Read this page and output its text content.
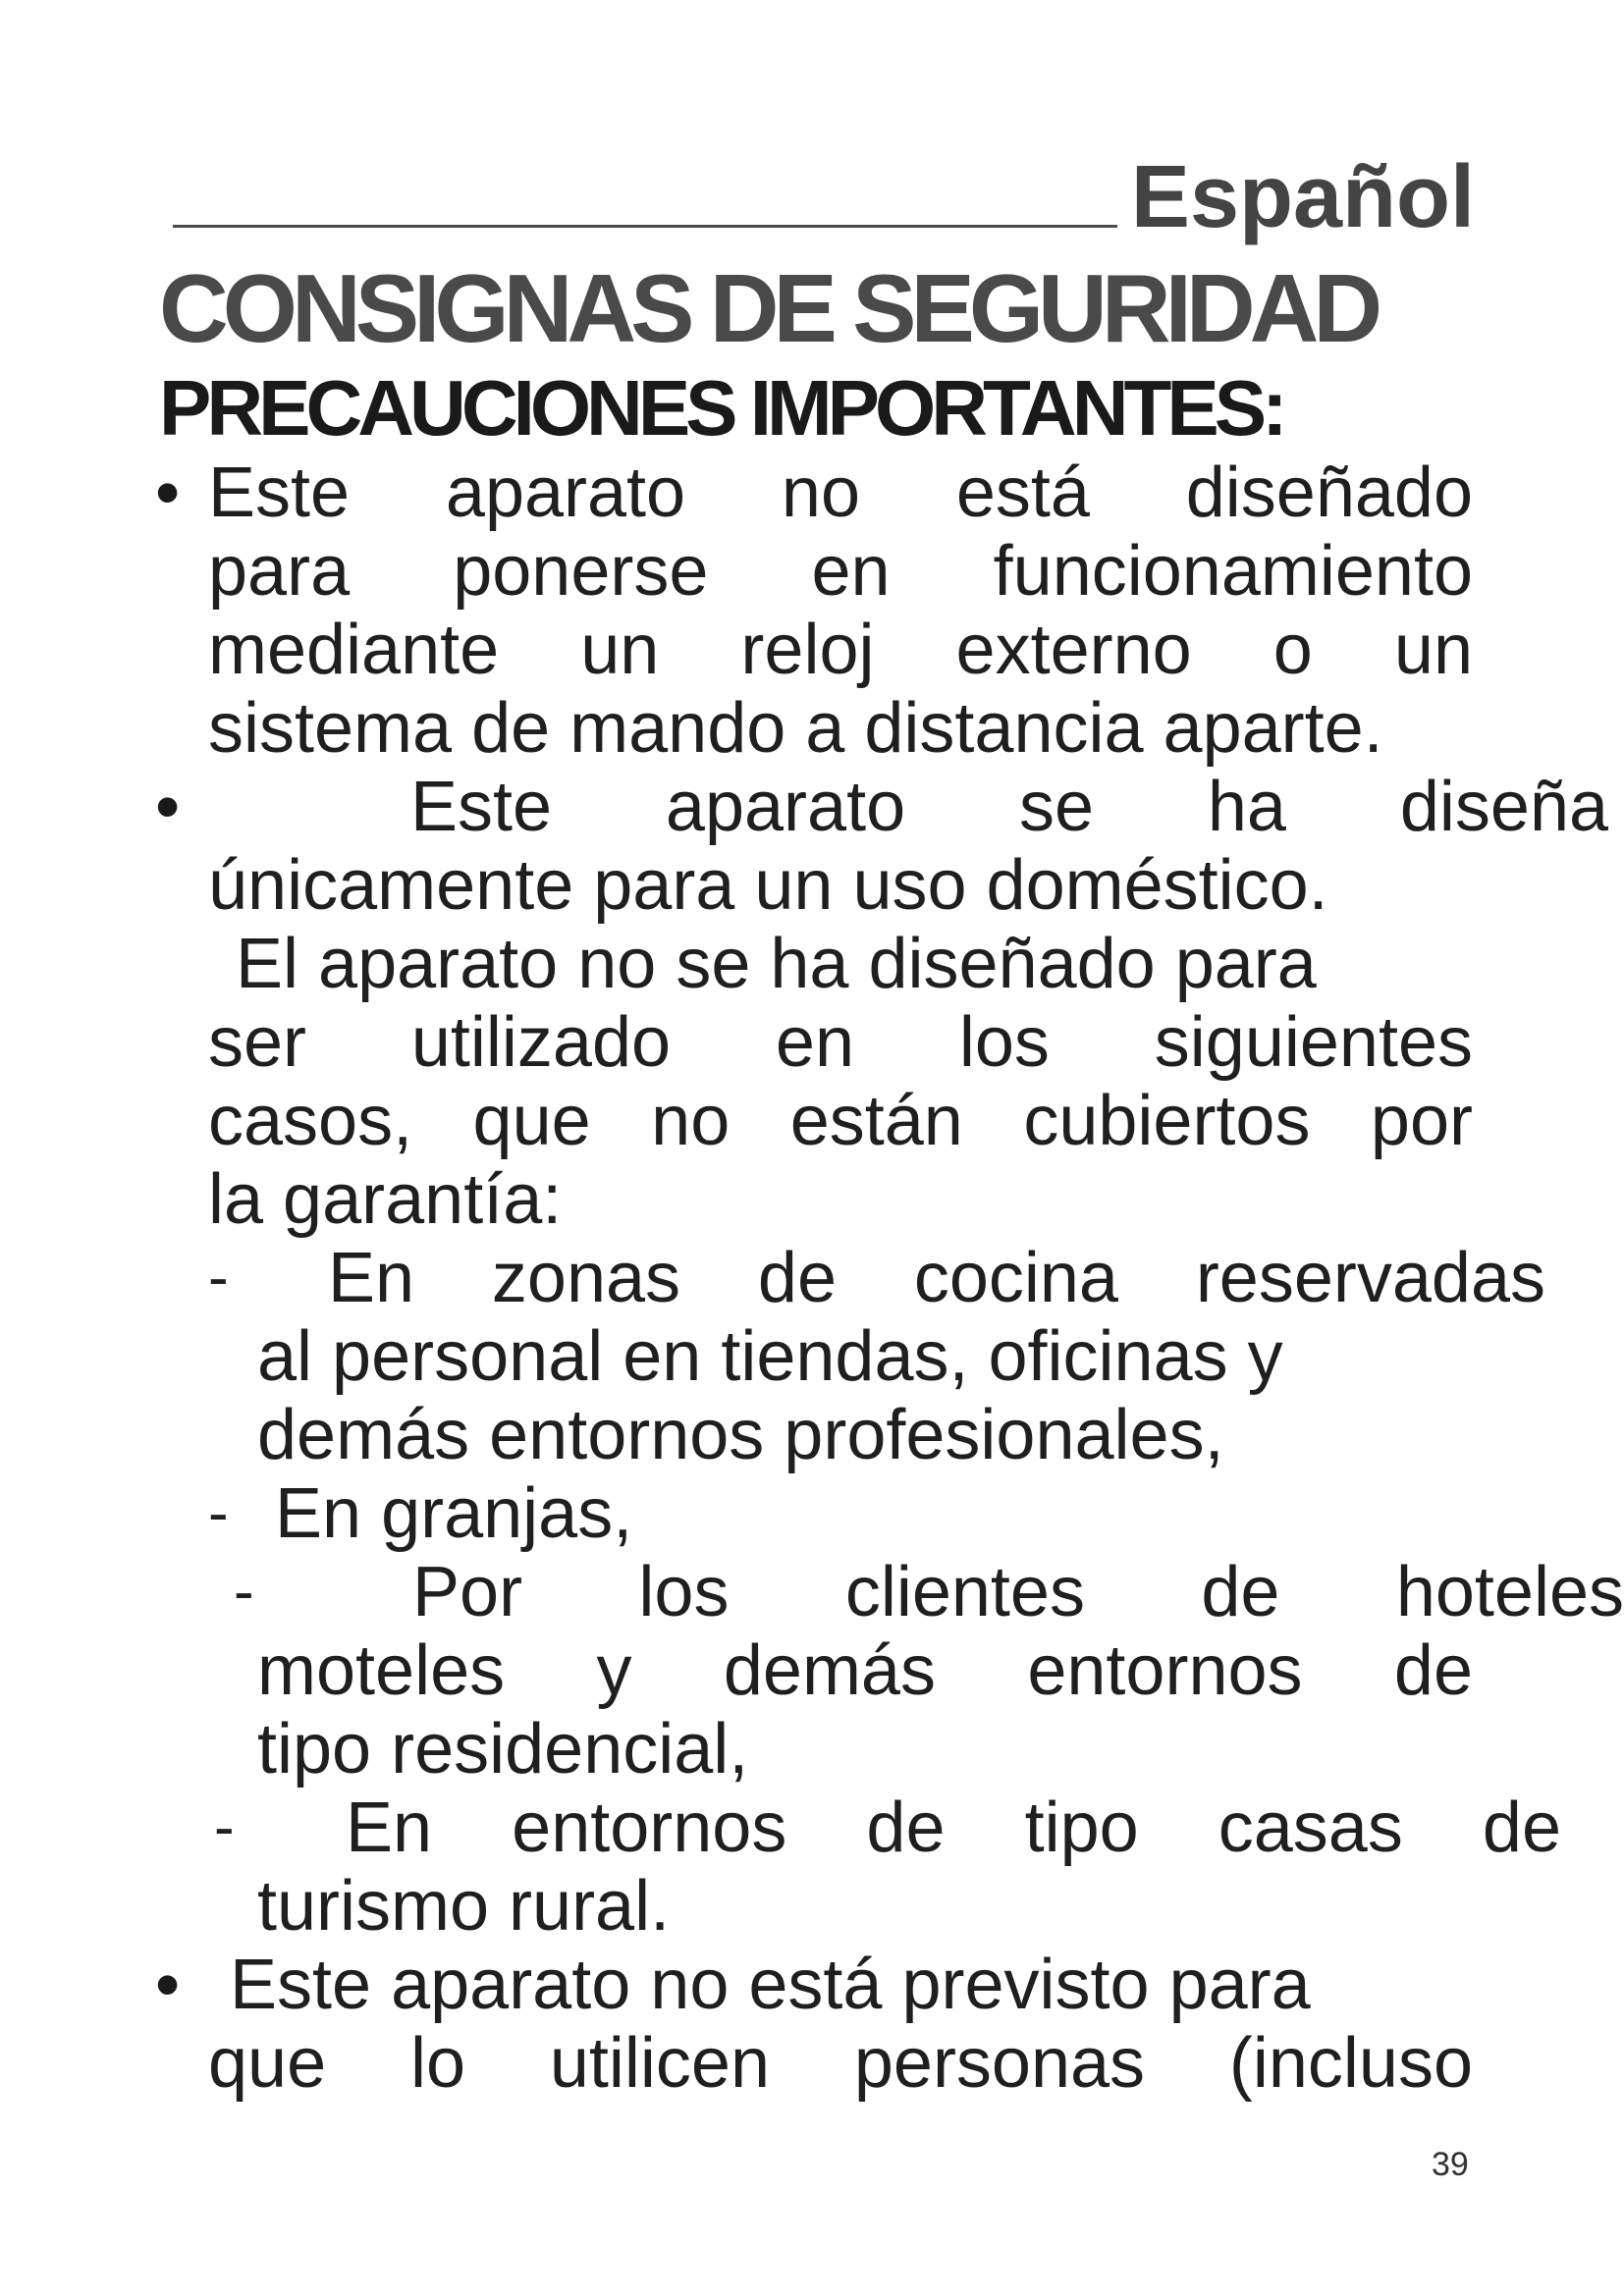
Español
CONSIGNAS DE SEGURIDAD
PRECAUCIONES IMPORTANTES:
• Este aparato no está diseñado
para ponerse en funcionamiento
mediante un reloj externo o un
sistema de mando a distancia aparte.
•	Este aparato se ha diseña
únicamente para un uso doméstico.
El aparato no se ha diseñado para
ser utilizado en los siguientes
casos, que no están cubiertos por
la garantía:
- En zonas de cocina reservadas
al personal en tiendas, oficinas y
demás entornos profesionales,
- En granjas,
- Por los clientes de hoteles
moteles y demás entornos de
tipo residencial,
- En entornos de tipo casas de
turismo rural.
• Este aparato no está previsto para
que lo utilicen personas (incluso
39
